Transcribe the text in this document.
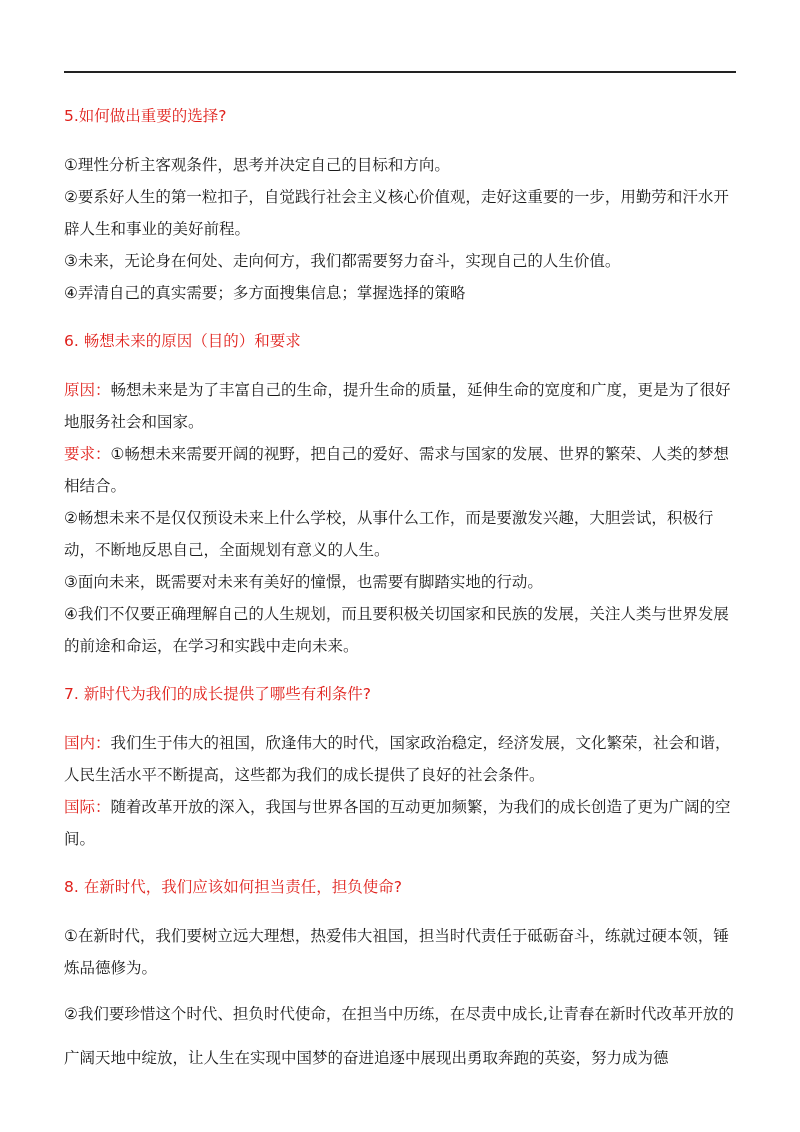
5.如何做出重要的选择?

①理性分析主客观条件，思考并决定自己的目标和方向。

②要系好人生的第一粒扣子，自觉践行社会主义核心价值观，走好这重要的一步，用勤劳和汗水开辟人生和事业的美好前程。

③未来，无论身在何处、走向何方，我们都需要努力奋斗，实现自己的人生价值。

④弄清自己的真实需要；多方面搜集信息；掌握选择的策略

6. 畅想未来的原因（目的）和要求

原因：畅想未来是为了丰富自己的生命，提升生命的质量，延伸生命的宽度和广度，更是为了很好地服务社会和国家。

要求：①畅想未来需要开阔的视野，把自己的爱好、需求与国家的发展、世界的繁荣、人类的梦想相结合。

②畅想未来不是仅仅预设未来上什么学校，从事什么工作，而是要激发兴趣，大胆尝试，积极行动，不断地反思自己，全面规划有意义的人生。

③面向未来，既需要对未来有美好的憧憬，也需要有脚踏实地的行动。

④我们不仅要正确理解自己的人生规划，而且要积极关切国家和民族的发展，关注人类与世界发展的前途和命运，在学习和实践中走向未来。

7. 新时代为我们的成长提供了哪些有利条件?

国内：我们生于伟大的祖国，欣逢伟大的时代，国家政治稳定，经济发展，文化繁荣，社会和谐，人民生活水平不断提高，这些都为我们的成长提供了良好的社会条件。

国际：随着改革开放的深入，我国与世界各国的互动更加频繁，为我们的成长创造了更为广阔的空间。

8. 在新时代，我们应该如何担当责任，担负使命?

①在新时代，我们要树立远大理想，热爱伟大祖国，担当时代责任于砥砺奋斗，练就过硬本领，锤炼品德修为。

②我们要珍惜这个时代、担负时代使命，在担当中历练，在尽责中成长,让青春在新时代改革开放的广阔天地中绽放，让人生在实现中国梦的奋进追逐中展现出勇取奔跑的英姿，努力成为德
